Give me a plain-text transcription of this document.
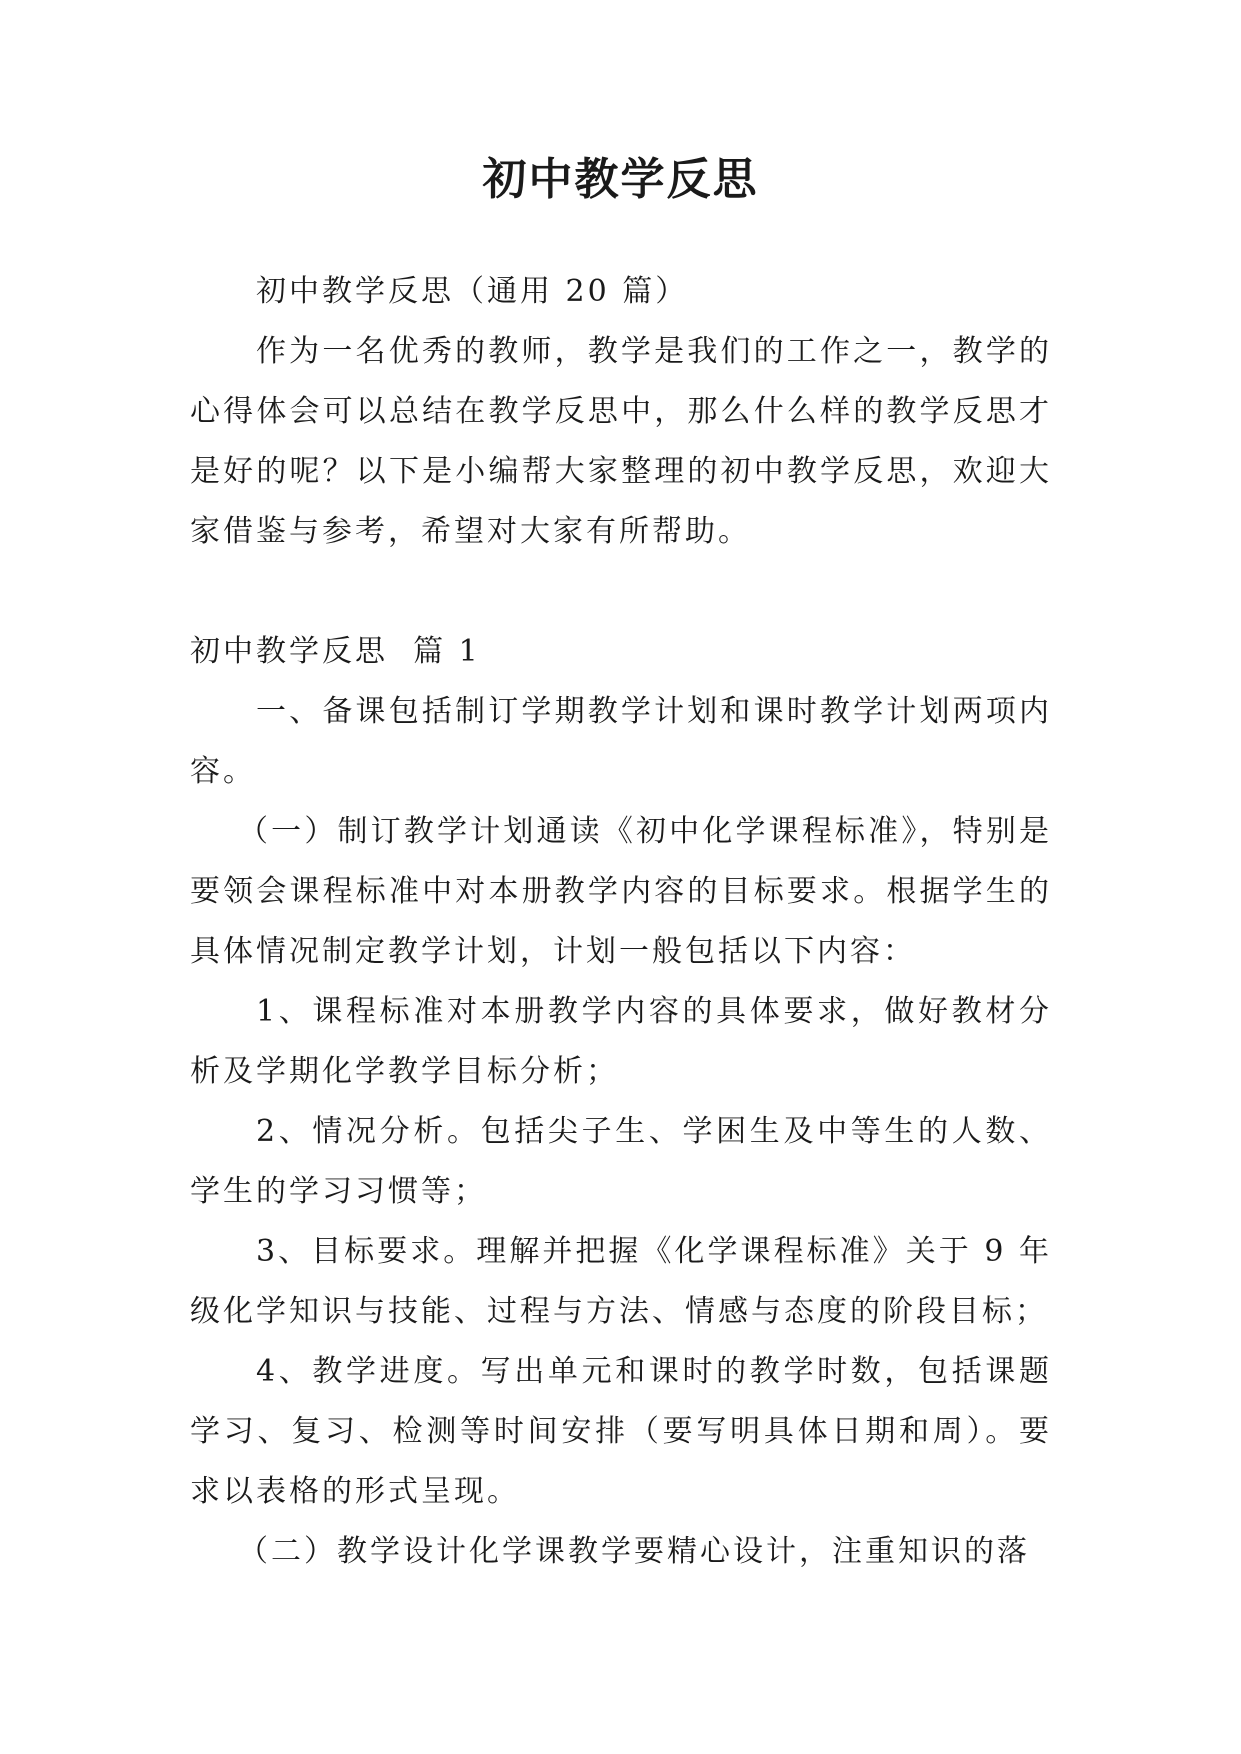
初中教学反思

初中教学反思（通用 20 篇）

作为一名优秀的教师，教学是我们的工作之一，教学的心得体会可以总结在教学反思中，那么什么样的教学反思才是好的呢？以下是小编帮大家整理的初中教学反思，欢迎大家借鉴与参考，希望对大家有所帮助。

初中教学反思  篇 1

一、备课包括制订学期教学计划和课时教学计划两项内容。

（一）制订教学计划通读《初中化学课程标准》，特别是要领会课程标准中对本册教学内容的目标要求。根据学生的具体情况制定教学计划，计划一般包括以下内容：

1、课程标准对本册教学内容的具体要求，做好教材分析及学期化学教学目标分析；

2、情况分析。包括尖子生、学困生及中等生的人数、学生的学习习惯等；

3、目标要求。理解并把握《化学课程标准》关于 9 年级化学知识与技能、过程与方法、情感与态度的阶段目标；

4、教学进度。写出单元和课时的教学时数，包括课题学习、复习、检测等时间安排（要写明具体日期和周）。要求以表格的形式呈现。

（二）教学设计化学课教学要精心设计，注重知识的落
